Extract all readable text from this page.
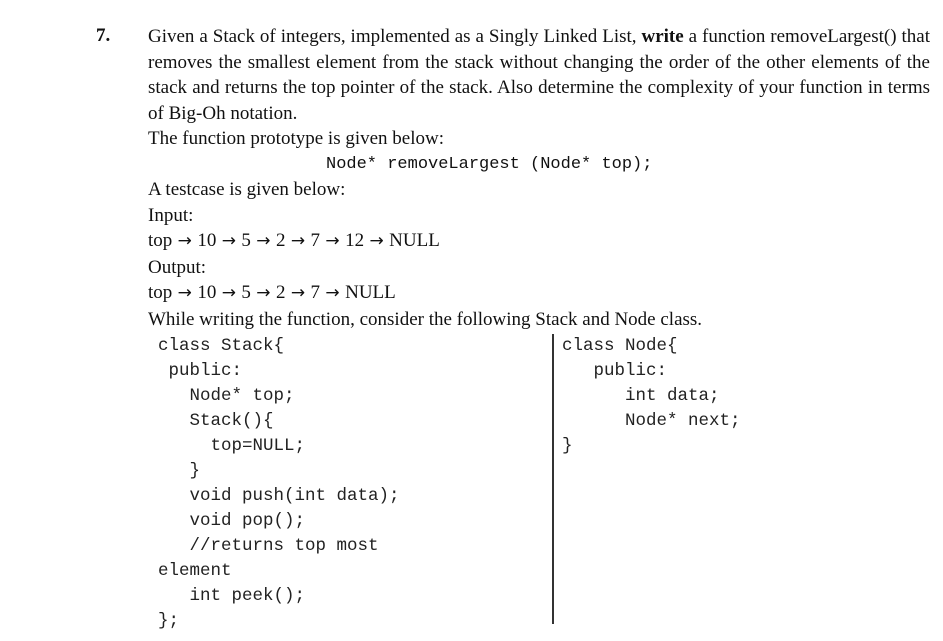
7. Given a Stack of integers, implemented as a Singly Linked List, write a function removeLargest() that removes the smallest element from the stack without changing the order of the other elements of the stack and returns the top pointer of the stack. Also determine the complexity of your function in terms of Big-Oh notation.
The function prototype is given below:
Node* removeLargest (Node* top);
A testcase is given below:
Input:
top → 10 → 5 → 2 → 7 → 12 → NULL
Output:
top → 10 → 5 → 2 → 7 → NULL
While writing the function, consider the following Stack and Node class.
class Stack{
public:
Node* top;
Stack(){
top=NULL;
}
void push(int data);
void pop();
//returns top most
element
int peek();
};
class Node{
public:
int data;
Node* next;
}
